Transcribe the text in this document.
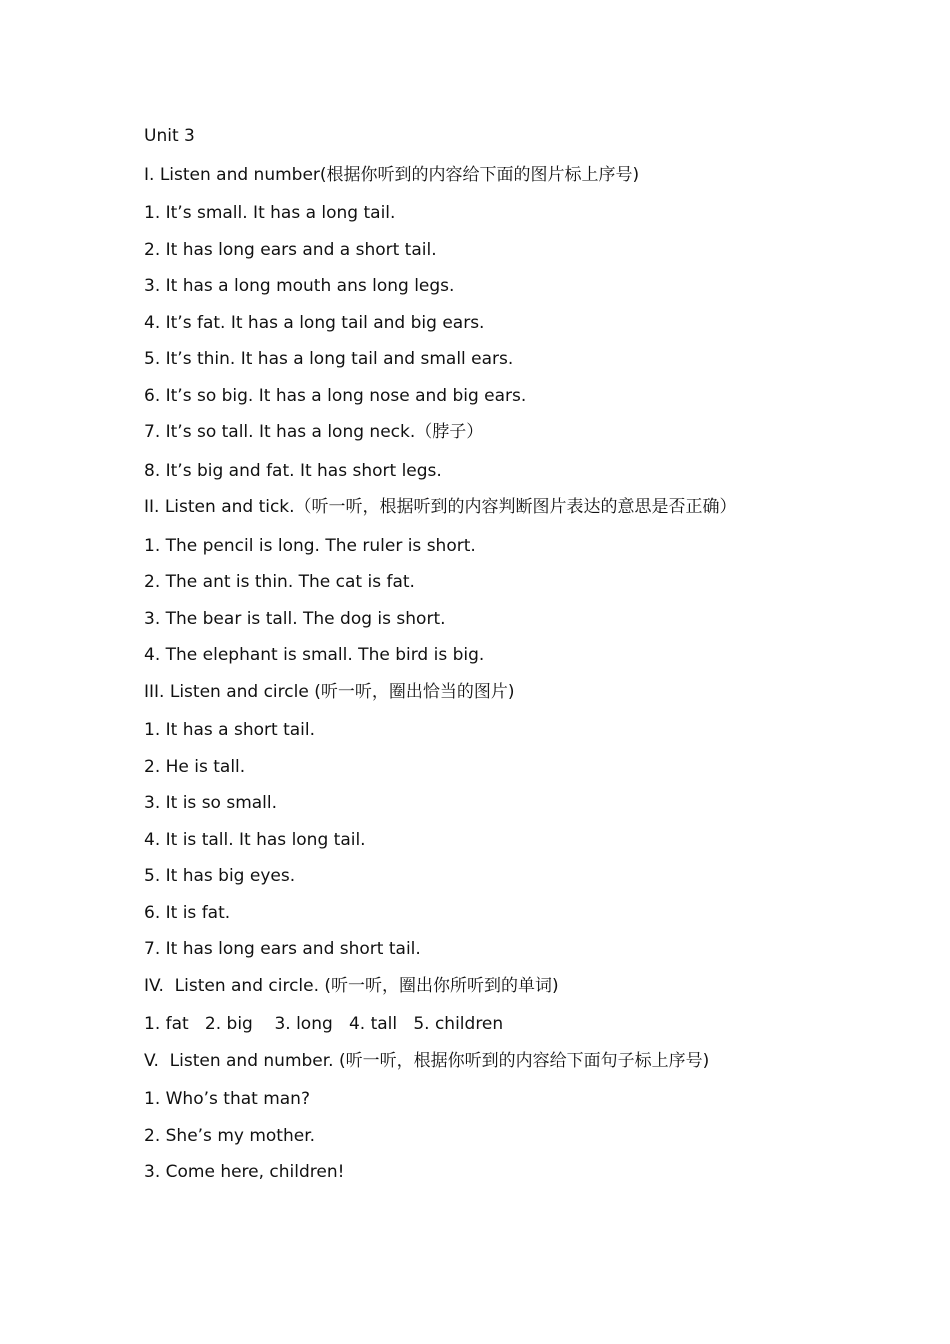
Unit 3
I. Listen and number(根据你听到的内容给下面的图片标上序号)
1. It’s small. It has a long tail.
2. It has long ears and a short tail.
3. It has a long mouth ans long legs.
4. It’s fat. It has a long tail and big ears.
5. It’s thin. It has a long tail and small ears.
6. It’s so big. It has a long nose and big ears.
7. It’s so tall. It has a long neck.（脖子）
8. It’s big and fat. It has short legs.
II. Listen and tick.（听一听，根据听到的内容判断图片表达的意思是否正确）
1. The pencil is long. The ruler is short.
2. The ant is thin. The cat is fat.
3. The bear is tall. The dog is short.
4. The elephant is small. The bird is big.
III. Listen and circle (听一听，圈出恰当的图片)
1. It has a short tail.
2. He is tall.
3. It is so small.
4. It is tall. It has long tail.
5. It has big eyes.
6. It is fat.
7. It has long ears and short tail.
IV.  Listen and circle. (听一听，圈出你所听到的单词)
1. fat   2. big    3. long   4. tall   5. children
V.  Listen and number. (听一听，根据你听到的内容给下面句子标上序号)
1. Who’s that man?
2. She’s my mother.
3. Come here, children!
